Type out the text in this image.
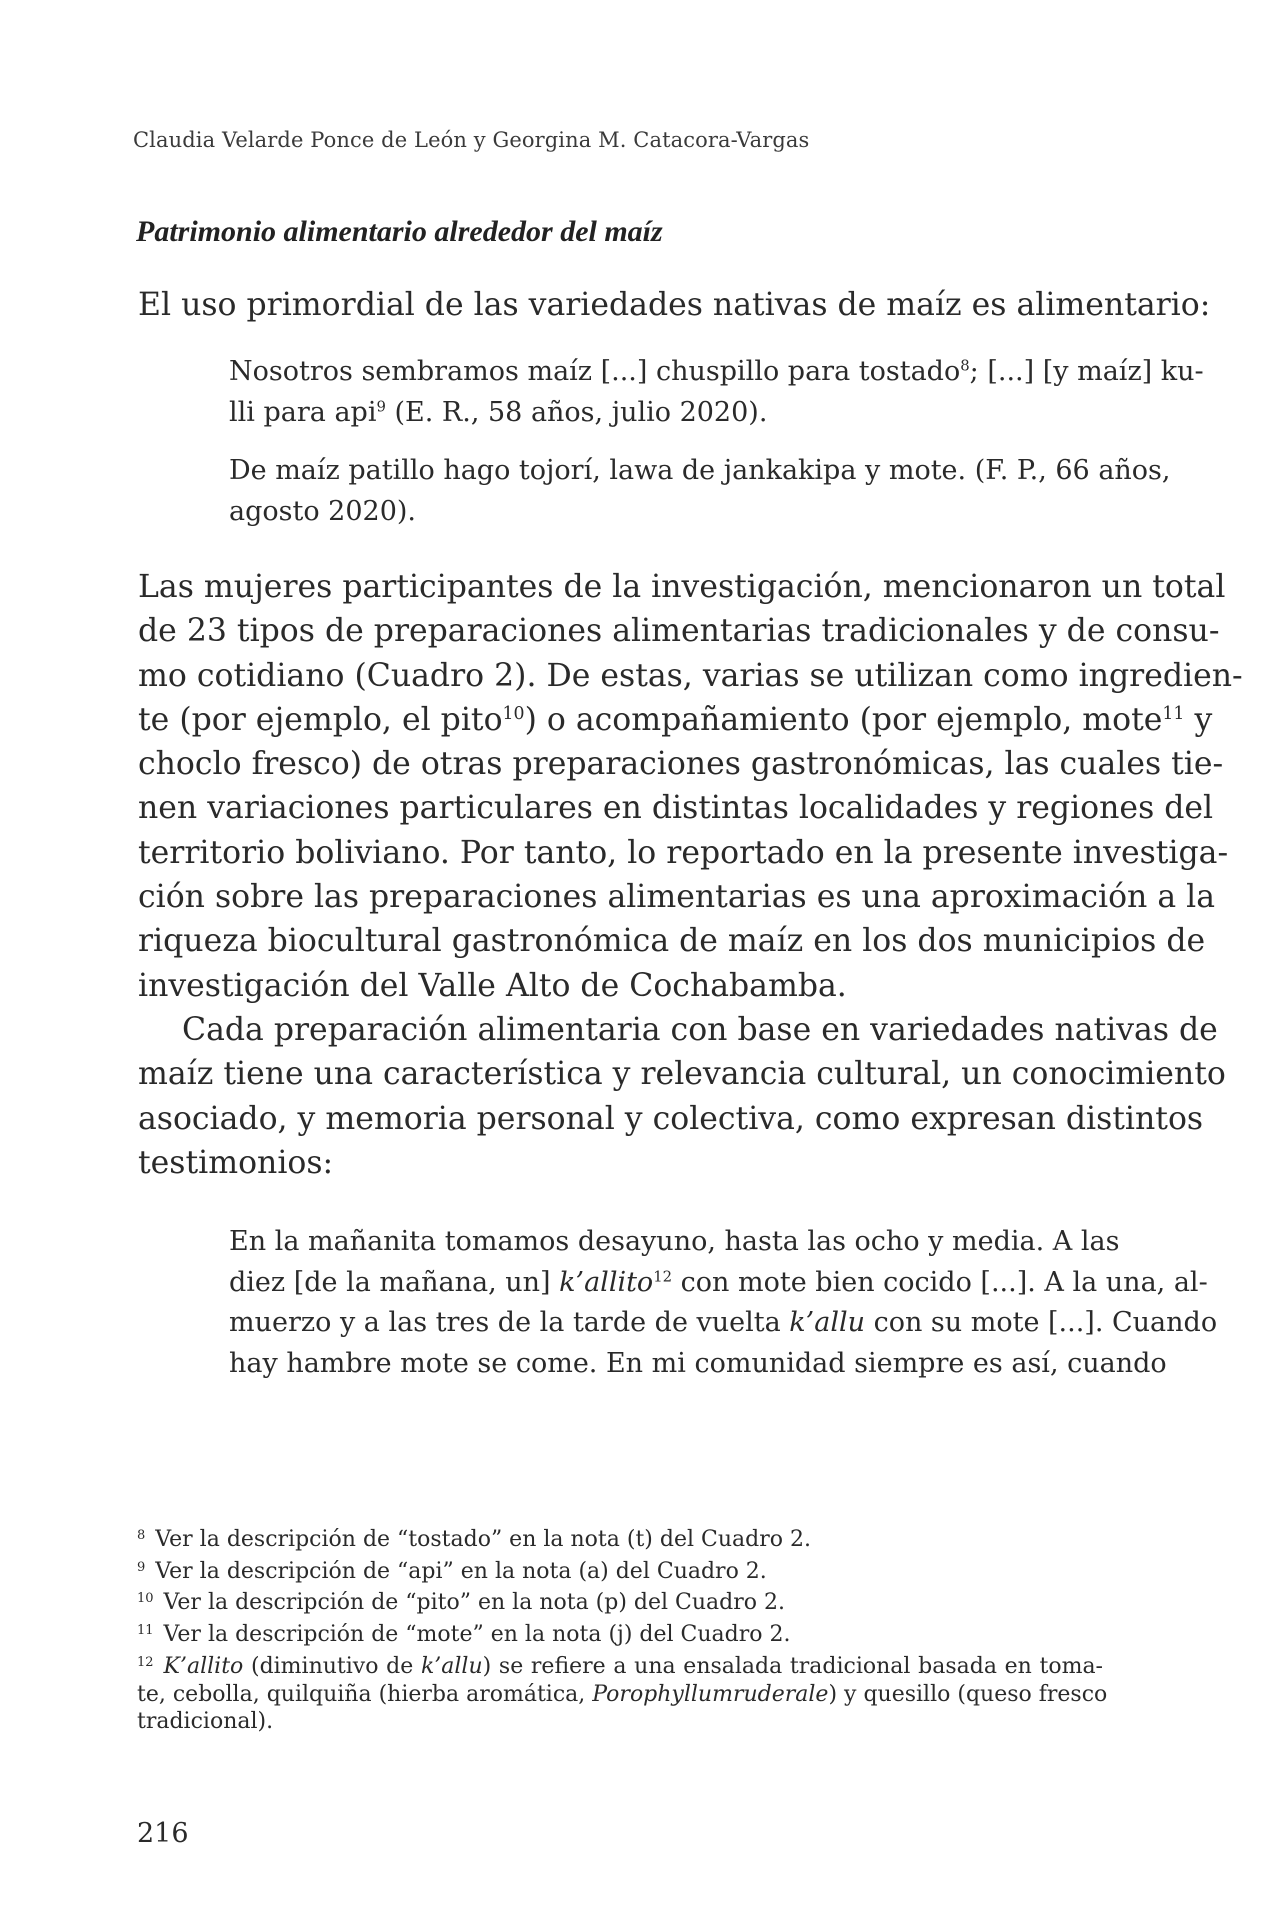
Claudia Velarde Ponce de León y Georgina M. Catacora-Vargas
Patrimonio alimentario alrededor del maíz

El uso primordial de las variedades nativas de maíz es alimentario:

Nosotros sembramos maíz [...] chuspillo para tostado$^8$; [...] [y maíz] ku-
lli para api$^9$ (E. R., 58 años, julio 2020).

De maíz patillo hago tojorí, lawa de jankakipa y mote. (F. P., 66 años,
agosto 2020).

Las mujeres participantes de la investigación, mencionaron un total
de 23 tipos de preparaciones alimentarias tradicionales y de consu-
mo cotidiano (Cuadro 2). De estas, varias se utilizan como ingredien-
te (por ejemplo, el pito$^{10}$) o acompañamiento (por ejemplo, mote$^{11}$ y
choclo fresco) de otras preparaciones gastronómicas, las cuales tie-
nen variaciones particulares en distintas localidades y regiones del
territorio boliviano. Por tanto, lo reportado en la presente investiga-
ción sobre las preparaciones alimentarias es una aproximación a la
riqueza biocultural gastronómica de maíz en los dos municipios de
investigación del Valle Alto de Cochabamba.

Cada preparación alimentaria con base en variedades nativas de
maíz tiene una característica y relevancia cultural, un conocimiento
asociado, y memoria personal y colectiva, como expresan distintos
testimonios:

En la mañanita tomamos desayuno, hasta las ocho y media. A las
diez [de la mañana, un] k’allito$^{12}$ con mote bien cocido [...]. A la una, al-
muerzo y a las tres de la tarde de vuelta k’allu con su mote [...]. Cuando
hay hambre mote se come. En mi comunidad siempre es así, cuando

$^8$ Ver la descripción de “tostado” en la nota (t) del Cuadro 2.
$^9$ Ver la descripción de “api” en la nota (a) del Cuadro 2.
$^{10}$ Ver la descripción de “pito” en la nota (p) del Cuadro 2.
$^{11}$ Ver la descripción de “mote” en la nota (j) del Cuadro 2.
$^{12}$ K’allito (diminutivo de k’allu) se refiere a una ensalada tradicional basada en toma-
te, cebolla, quilquiña (hierba aromática, Porophyllumruderale) y quesillo (queso fresco
tradicional).
216
